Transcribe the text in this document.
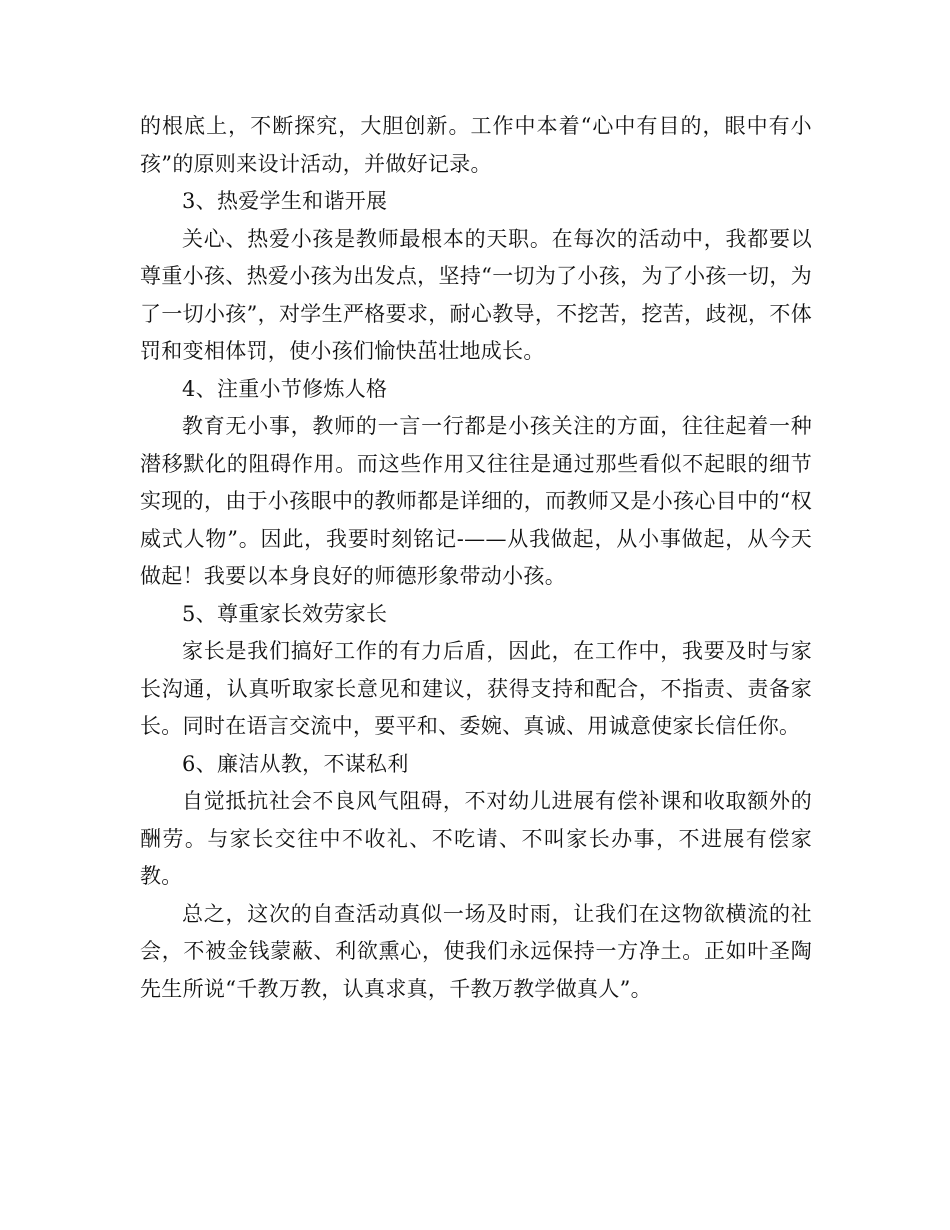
的根底上，不断探究，大胆创新。工作中本着“心中有目的，眼中有小孩”的原则来设计活动，并做好记录。

3、热爱学生和谐开展

关心、热爱小孩是教师最根本的天职。在每次的活动中，我都要以尊重小孩、热爱小孩为出发点，坚持“一切为了小孩，为了小孩一切，为了一切小孩”，对学生严格要求，耐心教导，不挖苦，挖苦，歧视，不体罚和变相体罚，使小孩们愉快茁壮地成长。

4、注重小节修炼人格

教育无小事，教师的一言一行都是小孩关注的方面，往往起着一种潜移默化的阻碍作用。而这些作用又往往是通过那些看似不起眼的细节实现的，由于小孩眼中的教师都是详细的，而教师又是小孩心目中的“权威式人物”。因此，我要时刻铭记-——从我做起，从小事做起，从今天做起！我要以本身良好的师德形象带动小孩。

5、尊重家长效劳家长

家长是我们搞好工作的有力后盾，因此，在工作中，我要及时与家长沟通，认真听取家长意见和建议，获得支持和配合，不指责、责备家长。同时在语言交流中，要平和、委婉、真诚、用诚意使家长信任你。

6、廉洁从教，不谋私利

自觉抵抗社会不良风气阻碍，不对幼儿进展有偿补课和收取额外的酬劳。与家长交往中不收礼、不吃请、不叫家长办事，不进展有偿家教。

总之，这次的自查活动真似一场及时雨，让我们在这物欲横流的社会，不被金钱蒙蔽、利欲熏心，使我们永远保持一方净土。正如叶圣陶先生所说“千教万教，认真求真，千教万教学做真人”。
